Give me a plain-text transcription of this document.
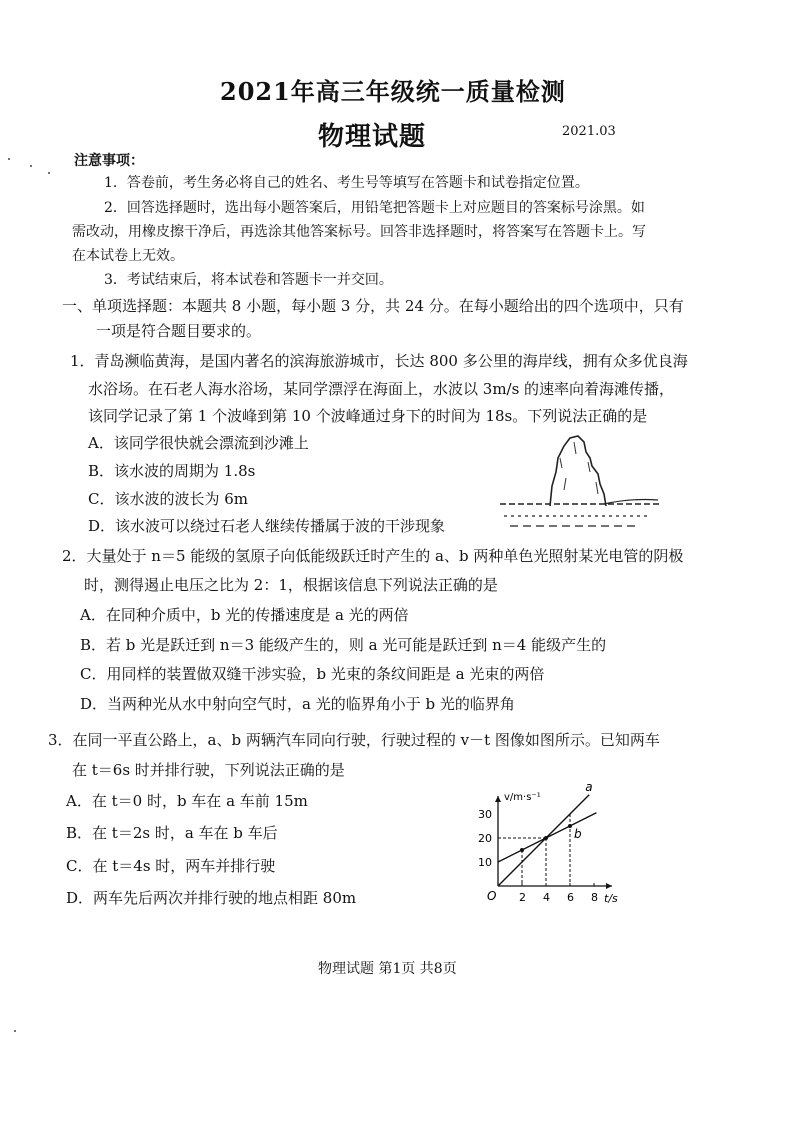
2021年高三年级统一质量检测
物理试题	2021.03
注意事项：
1．答卷前，考生务必将自己的姓名、考生号等填写在答题卡和试卷指定位置。
2．回答选择题时，选出每小题答案后，用铅笔把答题卡上对应题目的答案标号涂黑。如
需改动，用橡皮擦干净后，再选涂其他答案标号。回答非选择题时，将答案写在答题卡上。写
在本试卷上无效。
3．考试结束后，将本试卷和答题卡一并交回。
一、单项选择题：本题共 8 小题，每小题 3 分，共 24 分。在每小题给出的四个选项中，只有
一项是符合题目要求的。
1．青岛濒临黄海，是国内著名的滨海旅游城市，长达 800 多公里的海岸线，拥有众多优良海
水浴场。在石老人海水浴场，某同学漂浮在海面上，水波以 3m/s 的速率向着海滩传播，
该同学记录了第 1 个波峰到第 10 个波峰通过身下的时间为 18s。下列说法正确的是
A．该同学很快就会漂流到沙滩上
B．该水波的周期为 1.8s
C．该水波的波长为 6m
D．该水波可以绕过石老人继续传播属于波的干涉现象
2．大量处于 n＝5 能级的氢原子向低能级跃迁时产生的 a、b 两种单色光照射某光电管的阴极
时，测得遏止电压之比为 2：1，根据该信息下列说法正确的是
A．在同种介质中，b 光的传播速度是 a 光的两倍
B．若 b 光是跃迁到 n＝3 能级产生的，则 a 光可能是跃迁到 n＝4 能级产生的
C．用同样的装置做双缝干涉实验，b 光束的条纹间距是 a 光束的两倍
D．当两种光从水中射向空气时，a 光的临界角小于 b 光的临界角
3．在同一平直公路上，a、b 两辆汽车同向行驶，行驶过程的 v－t 图像如图所示。已知两车
在 t＝6s 时并排行驶，下列说法正确的是
A．在 t＝0 时，b 车在 a 车前 15m
B．在 t＝2s 时，a 车在 b 车后
C．在 t＝4s 时，两车并排行驶
D．两车先后两次并排行驶的地点相距 80m	O
v/m·s⁻¹
t/s
2 4 6 8
10
20
30
a
b
物理试题 第1页 共8页
